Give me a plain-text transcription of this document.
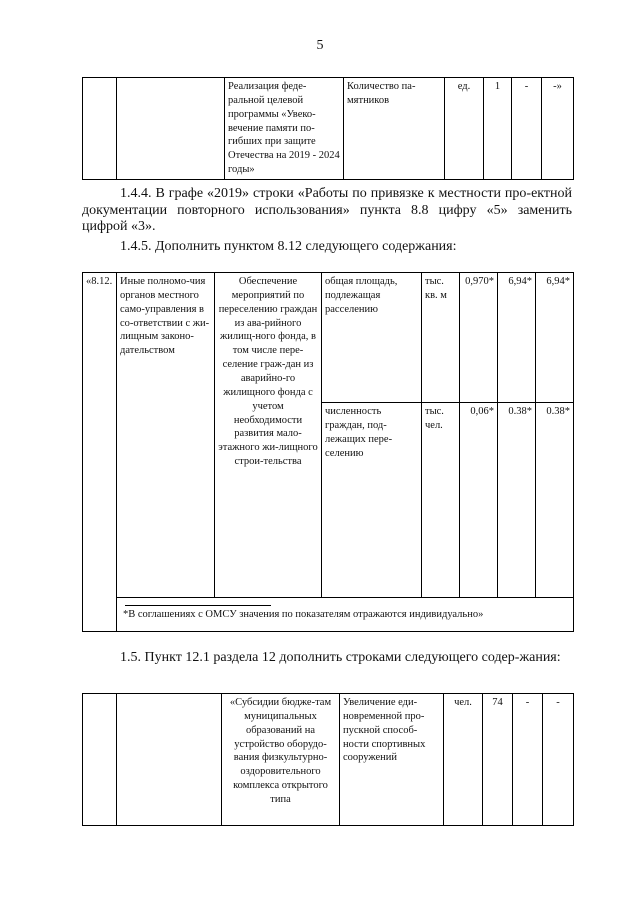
5
		Реализация феде-ральной целевой программы «Увеко-вечение памяти по-гибших при защите Отечества на 2019 - 2024 годы»	Количество па-мятников	ед.	1	-	-»

1.4.4. В графе «2019» строки «Работы по привязке к местности про-ектной документации повторного использования» пункта 8.8 цифру «5» заменить цифрой «3».

1.4.5. Дополнить пунктом 8.12 следующего содержания:

«8.12.	Иные полномо-чия органов местного само-управления в со-ответствии с жи-лищным законо-дательством	Обеспечение мероприятий по переселению граждан из ава-рийного жилищ-ного фонда, в том числе пере-селение граж-дан из аварийно-го жилищного фонда с учетом необходимости развития мало-этажного жи-лищного строи-тельства	общая площадь, подлежащая расселению	тыс. кв. м	0,970*	6,94*	6,94*
			численность граждан, под-лежащих пере-селению	тыс. чел.	0,06*	0.38*	0.38*

	*В соглашениях с ОМСУ значения по показателям отражаются индивидуально»						

1.5. Пункт 12.1 раздела 12 дополнить строками следующего содер-жания:

		«Субсидии бюдже-там муниципальных образований на устройство оборудо-вания физкультурно-оздоровительного комплекса открытого типа	Увеличение еди-новременной про-пускной способ-ности спортивных сооружений	чел.	74	-	-
